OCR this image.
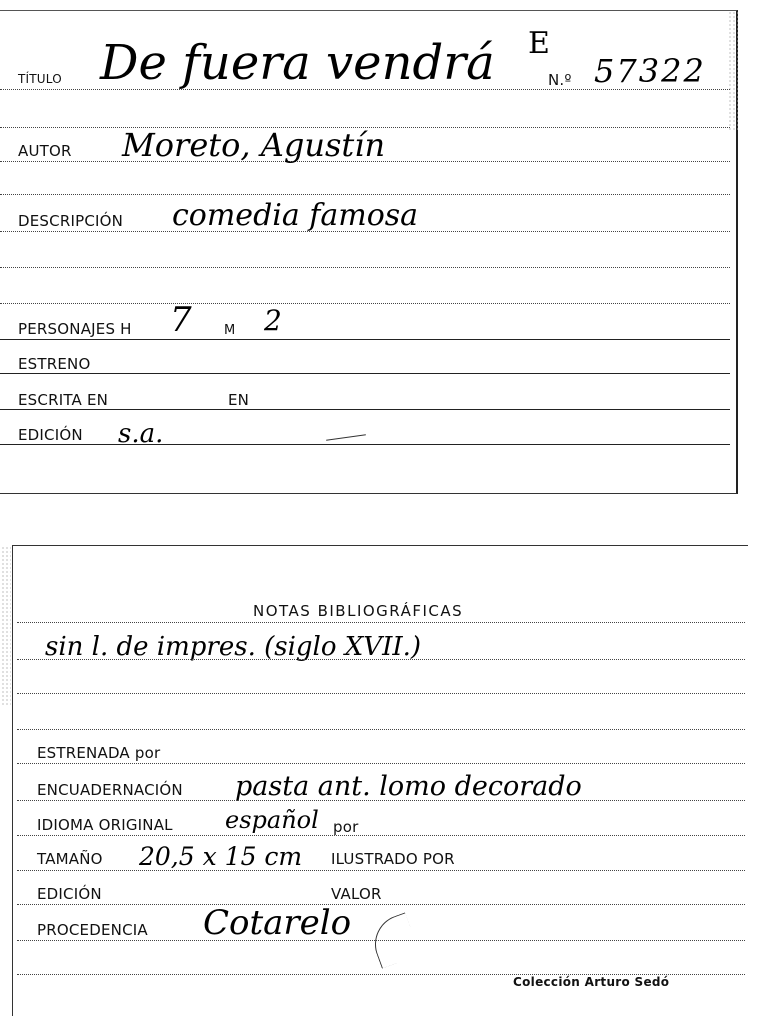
TÍTULO De fuera vendrá E
N.º 57322
AUTOR Moreto, Agustín
DESCRIPCIÓN comedia famosa
PERSONAJES H 7 M 2
ESTRENO
ESCRITA EN	EN
EDICIÓN s.a.
NOTAS BIBLIOGRÁFICAS
sin l. de impres. (siglo XVII.)
ESTRENADA por
ENCUADERNACIÓN pasta ant. lomo decorado
IDIOMA ORIGINAL español por
TAMAÑO 20,5 x 15 cm ILUSTRADO POR
EDICIÓN	VALOR
PROCEDENCIA Cotarelo
Colección Arturo Sedó
